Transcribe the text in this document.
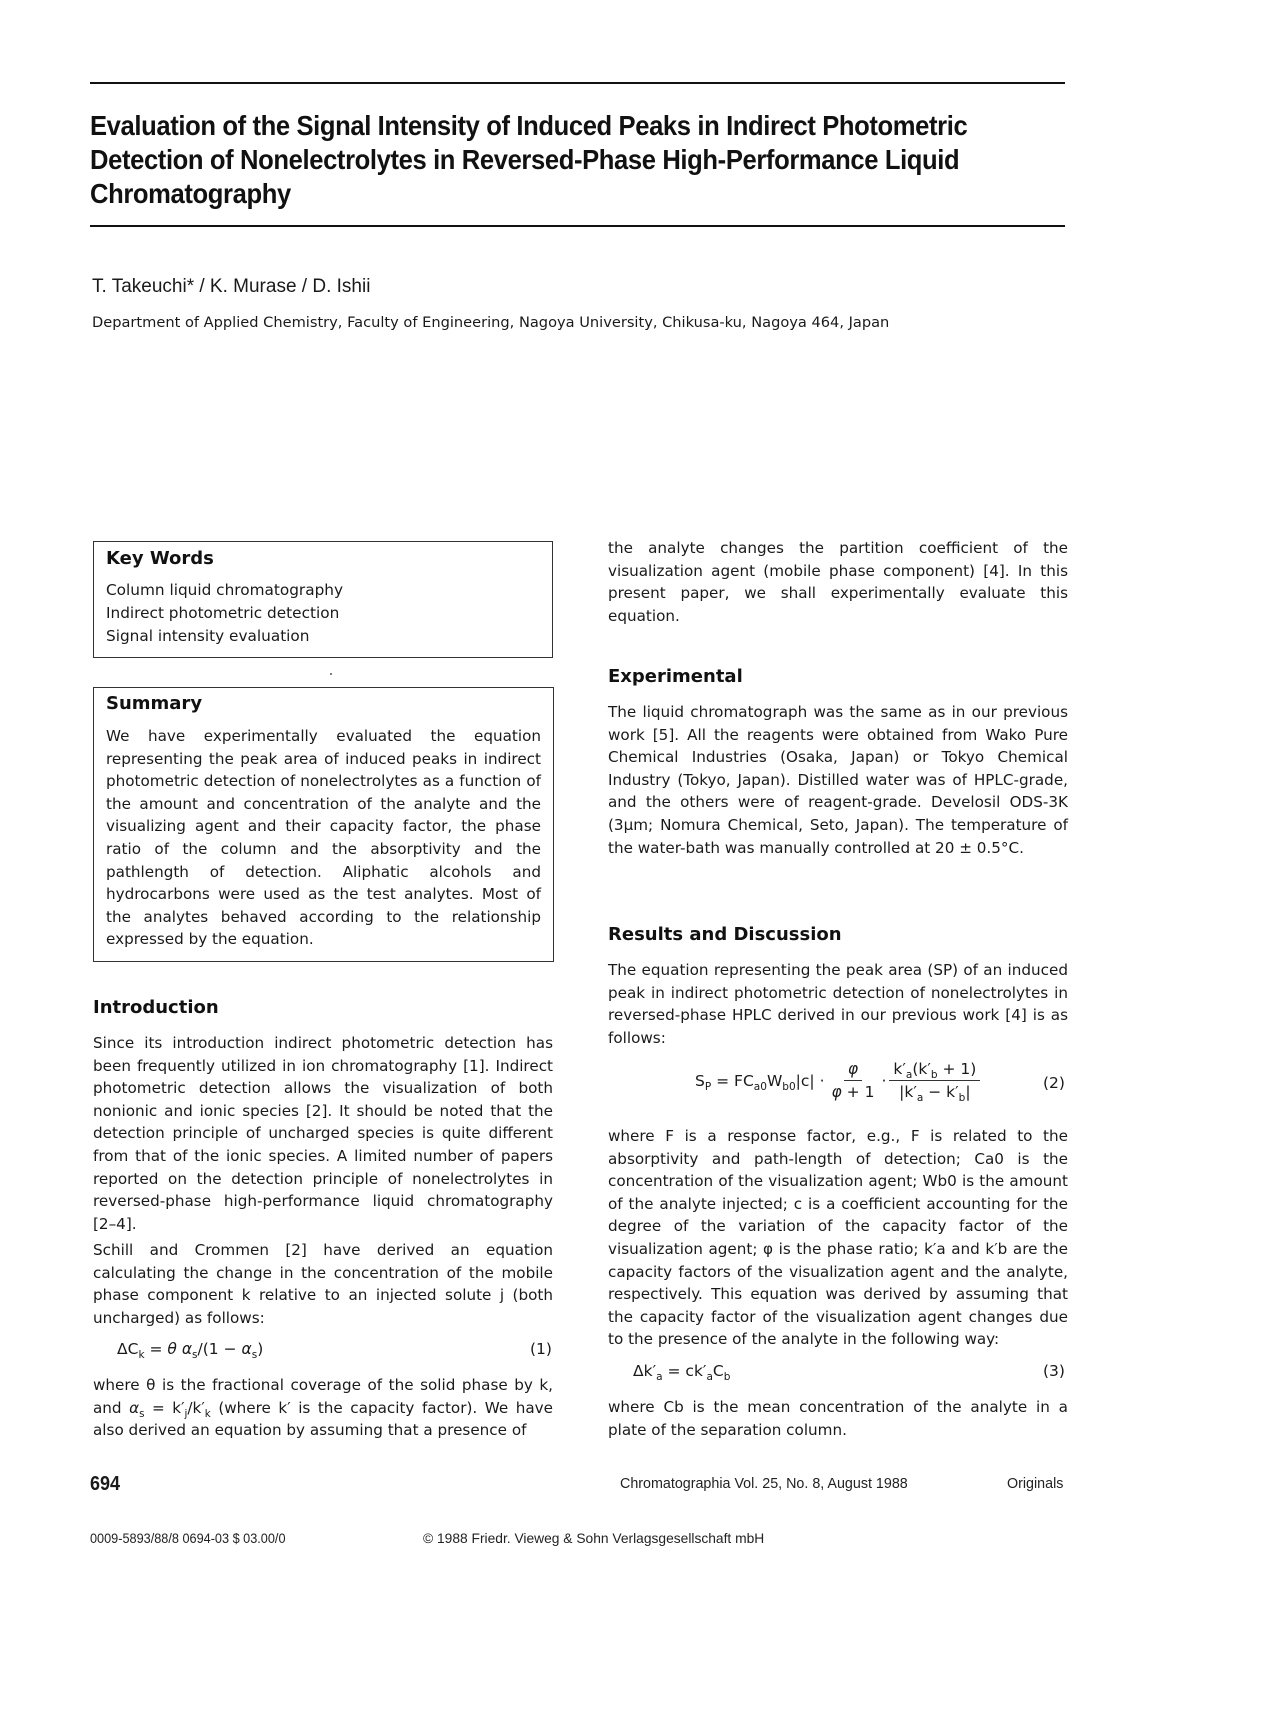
Evaluation of the Signal Intensity of Induced Peaks in Indirect Photometric Detection of Nonelectrolytes in Reversed-Phase High-Performance Liquid Chromatography
T. Takeuchi* / K. Murase / D. Ishii
Department of Applied Chemistry, Faculty of Engineering, Nagoya University, Chikusa-ku, Nagoya 464, Japan
Key Words
Column liquid chromatography
Indirect photometric detection
Signal intensity evaluation
Summary
We have experimentally evaluated the equation representing the peak area of induced peaks in indirect photometric detection of nonelectrolytes as a function of the amount and concentration of the analyte and the visualizing agent and their capacity factor, the phase ratio of the column and the absorptivity and the pathlength of detection. Aliphatic alcohols and hydrocarbons were used as the test analytes. Most of the analytes behaved according to the relationship expressed by the equation.
Introduction
Since its introduction indirect photometric detection has been frequently utilized in ion chromatography [1]. Indirect photometric detection allows the visualization of both nonionic and ionic species [2]. It should be noted that the detection principle of uncharged species is quite different from that of the ionic species. A limited number of papers reported on the detection principle of nonelectrolytes in reversed-phase high-performance liquid chromatography [2–4].
Schill and Crommen [2] have derived an equation calculating the change in the concentration of the mobile phase component k relative to an injected solute j (both uncharged) as follows:
$\Delta C_k = \theta$ $\alpha_s/(1 - \alpha_s)$	(1)
where θ is the fractional coverage of the solid phase by k, and $\alpha_s = k'_j/k'_k$ (where k′ is the capacity factor). We have also derived an equation by assuming that a presence of
the analyte changes the partition coefficient of the visualization agent (mobile phase component) [4]. In this present paper, we shall experimentally evaluate this equation.
Experimental
The liquid chromatograph was the same as in our previous work [5]. All the reagents were obtained from Wako Pure Chemical Industries (Osaka, Japan) or Tokyo Chemical Industry (Tokyo, Japan). Distilled water was of HPLC-grade, and the others were of reagent-grade. Develosil ODS-3K (3μm; Nomura Chemical, Seto, Japan). The temperature of the water-bath was manually controlled at 20 ± 0.5°C.
Results and Discussion
The equation representing the peak area (SP) of an induced peak in indirect photometric detection of nonelectrolytes in reversed-phase HPLC derived in our previous work [4] is as follows:
$S_P = FC_{a0}W_{b0}|c| \cdot \frac{\varphi}{\varphi + 1} \cdot \frac{k'_a(k'_b + 1)}{|k'_a - k'_b|}$	(2)
where F is a response factor, e.g., F is related to the absorptivity and path-length of detection; Ca0 is the concentration of the visualization agent; Wb0 is the amount of the analyte injected; c is a coefficient accounting for the degree of the variation of the capacity factor of the visualization agent; φ is the phase ratio; k′a and k′b are the capacity factors of the visualization agent and the analyte, respectively. This equation was derived by assuming that the capacity factor of the visualization agent changes due to the presence of the analyte in the following way:
$\Delta k'_a = ck'_aC_b$	(3)
where Cb is the mean concentration of the analyte in a plate of the separation column.
694	Chromatographia Vol. 25, No. 8, August 1988	Originals
0009-5893/88/8 0694-03 $ 03.00/0	© 1988 Friedr. Vieweg & Sohn Verlagsgesellschaft mbH
